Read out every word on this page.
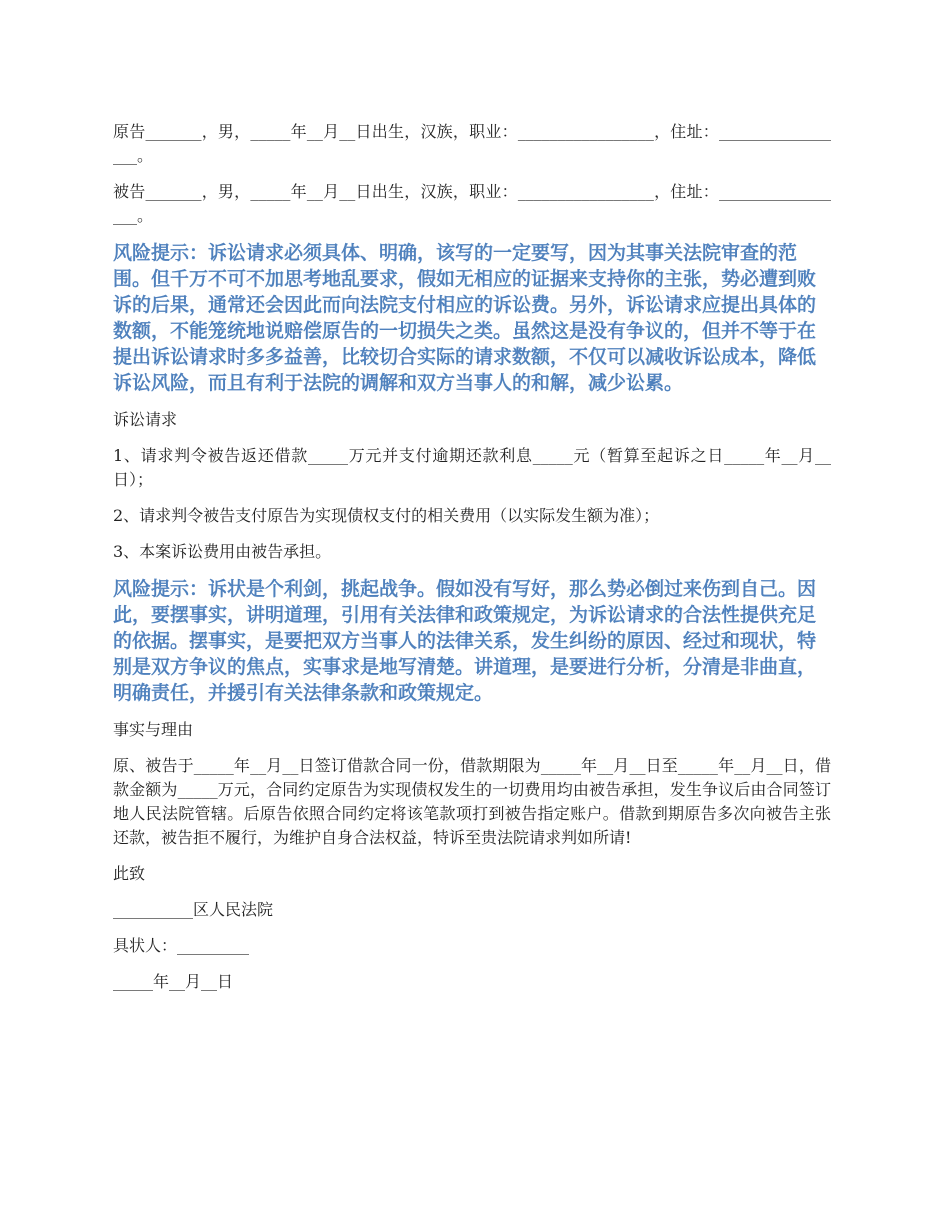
原告_______，男，_____年__月__日出生，汉族，职业：_________________，住址：_________________。

被告_______，男，_____年__月__日出生，汉族，职业：_________________，住址：_________________。

风险提示：诉讼请求必须具体、明确，该写的一定要写，因为其事关法院审查的范围。但千万不可不加思考地乱要求，假如无相应的证据来支持你的主张，势必遭到败诉的后果，通常还会因此而向法院支付相应的诉讼费。另外，诉讼请求应提出具体的数额，不能笼统地说赔偿原告的一切损失之类。虽然这是没有争议的，但并不等于在提出诉讼请求时多多益善，比较切合实际的请求数额，不仅可以减收诉讼成本，降低诉讼风险，而且有利于法院的调解和双方当事人的和解，减少讼累。

诉讼请求

1、请求判令被告返还借款_____万元并支付逾期还款利息_____元（暂算至起诉之日_____年__月__日）；

2、请求判令被告支付原告为实现债权支付的相关费用（以实际发生额为准）；

3、本案诉讼费用由被告承担。

风险提示：诉状是个利剑，挑起战争。假如没有写好，那么势必倒过来伤到自己。因此，要摆事实，讲明道理，引用有关法律和政策规定，为诉讼请求的合法性提供充足的依据。摆事实，是要把双方当事人的法律关系，发生纠纷的原因、经过和现状，特别是双方争议的焦点，实事求是地写清楚。讲道理，是要进行分析，分清是非曲直，明确责任，并援引有关法律条款和政策规定。

事实与理由

原、被告于_____年__月__日签订借款合同一份，借款期限为_____年__月__日至_____年__月__日，借款金额为_____万元，合同约定原告为实现债权发生的一切费用均由被告承担，发生争议后由合同签订地人民法院管辖。后原告依照合同约定将该笔款项打到被告指定账户。借款到期原告多次向被告主张还款，被告拒不履行，为维护自身合法权益，特诉至贵法院请求判如所请!

此致

__________区人民法院

具状人：_________

_____年__月__日
